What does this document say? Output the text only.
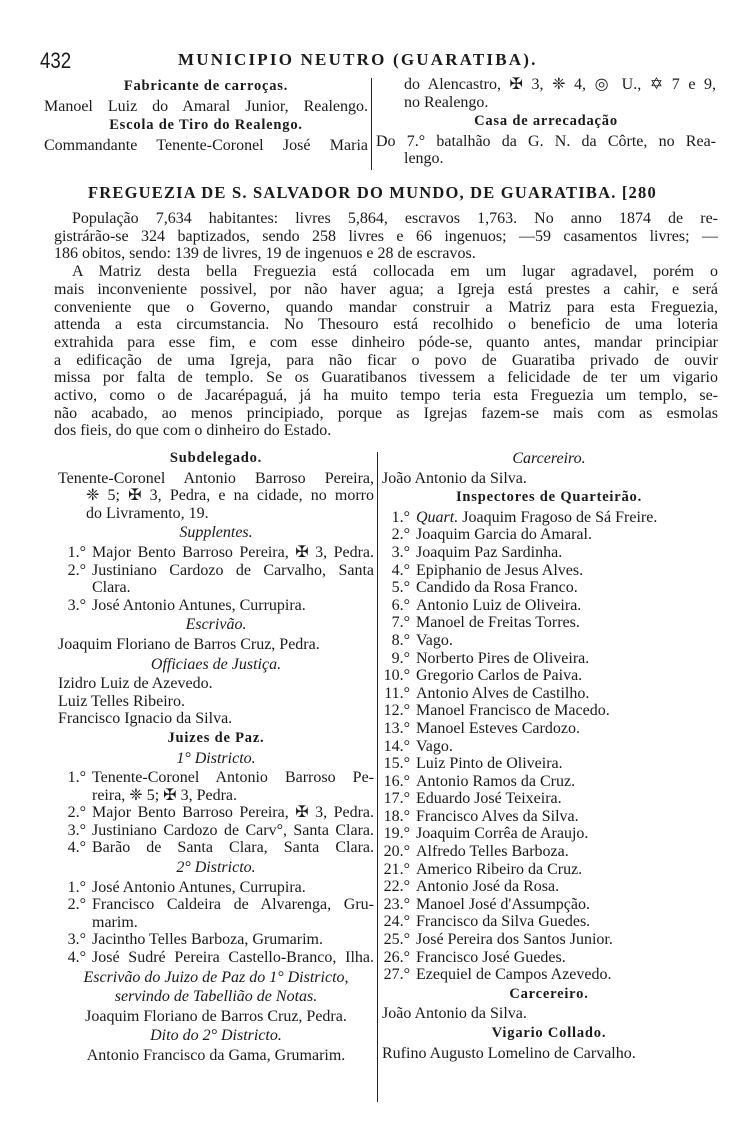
432	MUNICIPIO NEUTRO (GUARATIBA).
Fabricante de carroças.
Manoel Luiz do Amaral Junior, Realengo.
Escola de Tiro do Realengo.
Commandante Tenente-Coronel José Maria
do Alencastro, ✠ 3, ❈ 4, ◎ U., ✡ 7 e 9,
no Realengo.
Casa de arrecadação
Do 7.° batalhão da G. N. da Côrte, no Rea-
lengo.
FREGUEZIA DE S. SALVADOR DO MUNDO, DE GUARATIBA. [280
População 7,634 habitantes: livres 5,864, escravos 1,763. No anno 1874 de re-
gistrárão-se 324 baptizados, sendo 258 livres e 66 ingenuos; —59 casamentos livres; —
186 obitos, sendo: 139 de livres, 19 de ingenuos e 28 de escravos.
A Matriz desta bella Freguezia está collocada em um lugar agradavel, porém o
mais inconveniente possivel, por não haver agua; a Igreja está prestes a cahir, e será
conveniente que o Governo, quando mandar construir a Matriz para esta Freguezia,
attenda a esta circumstancia. No Thesouro está recolhido o beneficio de uma loteria
extrahida para esse fim, e com esse dinheiro póde-se, quanto antes, mandar principiar
a edificação de uma Igreja, para não ficar o povo de Guaratiba privado de ouvir
missa por falta de templo. Se os Guaratibanos tivessem a felicidade de ter um vigario
activo, como o de Jacarépaguá, já ha muito tempo teria esta Freguezia um templo, se-
não acabado, ao menos principiado, porque as Igrejas fazem-se mais com as esmolas
dos fieis, do que com o dinheiro do Estado.
Subdelegado.
Tenente-Coronel Antonio Barroso Pereira,
❈ 5; ✠ 3, Pedra, e na cidade, no morro
do Livramento, 19.
Supplentes.
1.° Major Bento Barroso Pereira, ✠ 3, Pedra.
2.° Justiniano Cardozo de Carvalho, Santa
Clara.
3.° José Antonio Antunes, Currupira.
Escrivão.
Joaquim Floriano de Barros Cruz, Pedra.
Officiaes de Justiça.
Izidro Luiz de Azevedo.
Luiz Telles Ribeiro.
Francisco Ignacio da Silva.
Juizes de Paz.
1° Districto.
1.° Tenente-Coronel Antonio Barroso Pe-
reira, ❈ 5; ✠ 3, Pedra.
2.° Major Bento Barroso Pereira, ✠ 3, Pedra.
3.° Justiniano Cardozo de Carv°, Santa Clara.
4.° Barão de Santa Clara, Santa Clara.
2° Districto.
1.° José Antonio Antunes, Currupira.
2.° Francisco Caldeira de Alvarenga, Gru-
marim.
3.° Jacintho Telles Barboza, Grumarim.
4.° José Sudré Pereira Castello-Branco, Ilha.
Escrivão do Juizo de Paz do 1° Districto,
servindo de Tabellião de Notas.
Joaquim Floriano de Barros Cruz, Pedra.
Dito do 2° Districto.
Antonio Francisco da Gama, Grumarim.
Carcereiro.
João Antonio da Silva.
Inspectores de Quarteirão.
1.° Quart. Joaquim Fragoso de Sá Freire.
2.° Joaquim Garcia do Amaral.
3.° Joaquim Paz Sardinha.
4.° Epiphanio de Jesus Alves.
5.° Candido da Rosa Franco.
6.° Antonio Luiz de Oliveira.
7.° Manoel de Freitas Torres.
8.° Vago.
9.° Norberto Pires de Oliveira.
10.° Gregorio Carlos de Paiva.
11.° Antonio Alves de Castilho.
12.° Manoel Francisco de Macedo.
13.° Manoel Esteves Cardozo.
14.° Vago.
15.° Luiz Pinto de Oliveira.
16.° Antonio Ramos da Cruz.
17.° Eduardo José Teixeira.
18.° Francisco Alves da Silva.
19.° Joaquim Corrêa de Araujo.
20.° Alfredo Telles Barboza.
21.° Americo Ribeiro da Cruz.
22.° Antonio José da Rosa.
23.° Manoel José d'Assumpção.
24.° Francisco da Silva Guedes.
25.° José Pereira dos Santos Junior.
26.° Francisco José Guedes.
27.° Ezequiel de Campos Azevedo.
Carcereiro.
João Antonio da Silva.
Vigario Collado.
Rufino Augusto Lomelino de Carvalho.
